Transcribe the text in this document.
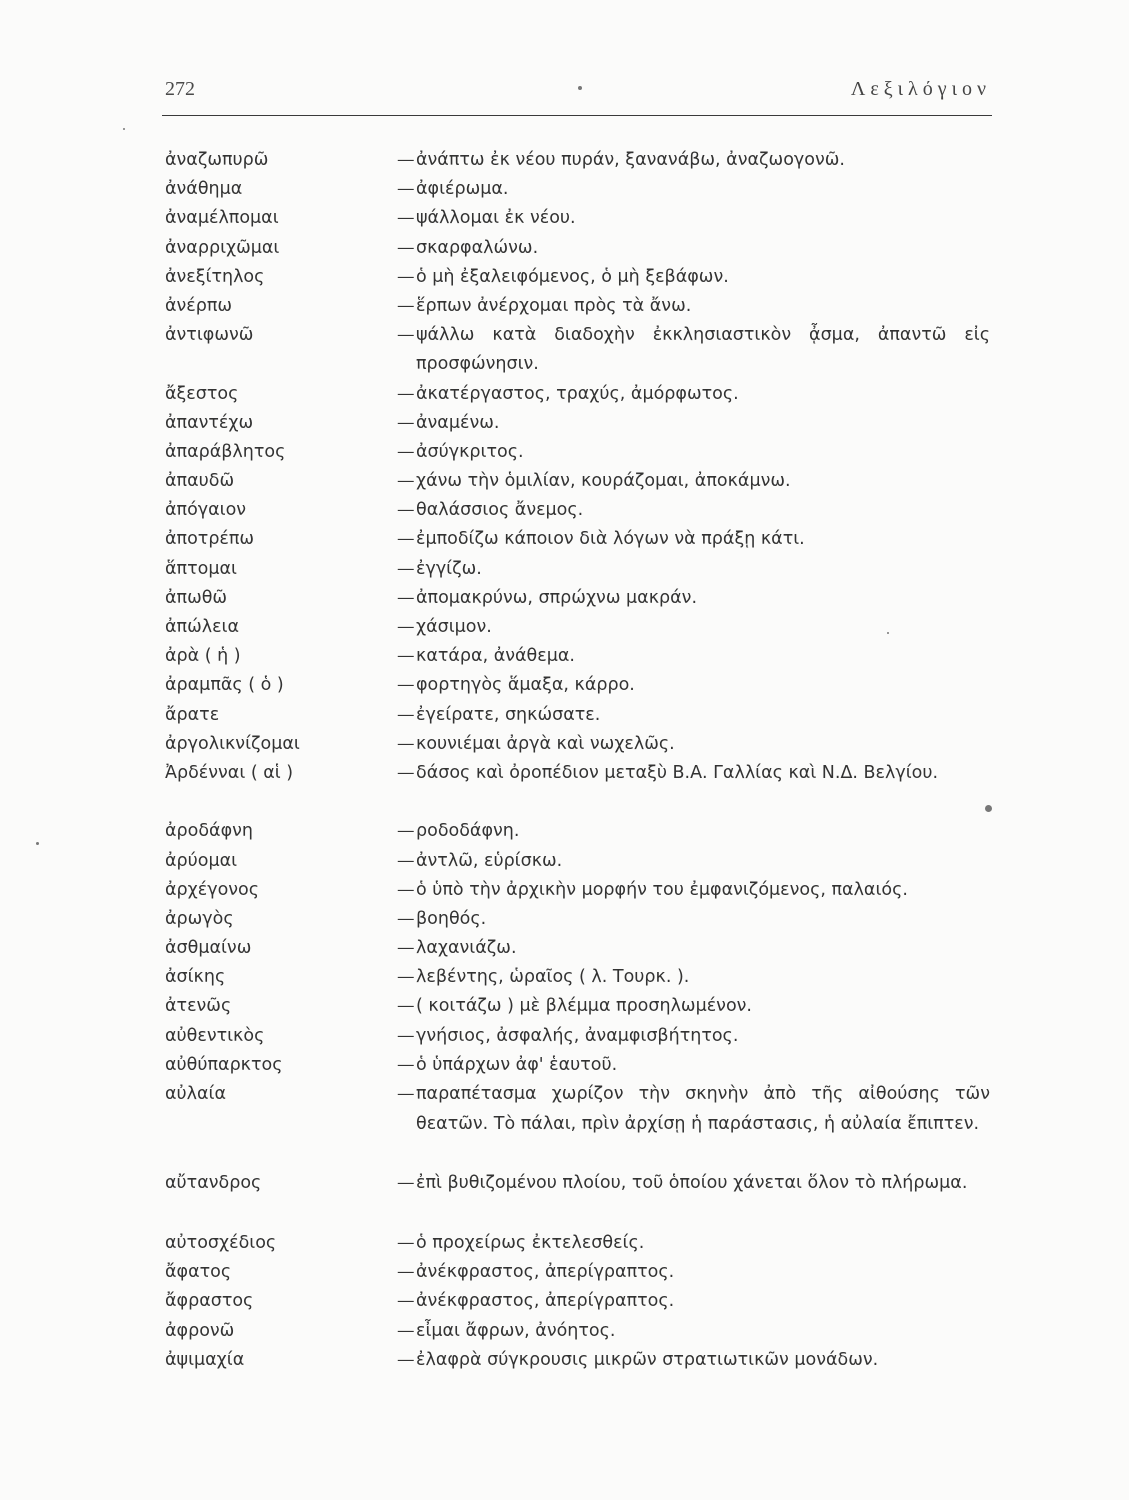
272	Λεξιλόγιον
ἀναζωπυρῶ	— ἀνάπτω ἐκ νέου πυράν, ξανανάβω, ἀναζωογονῶ.
ἀνάθημα	— ἀφιέρωμα.
ἀναμέλπομαι	— ψάλλομαι ἐκ νέου.
ἀναρριχῶμαι	— σκαρφαλώνω.
ἀνεξίτηλος	— ὁ μὴ ἐξαλειφόμενος, ὁ μὴ ξεβάφων.
ἀνέρπω	— ἕρπων ἀνέρχομαι πρὸς τὰ ἄνω.
ἀντιφωνῶ	— ψάλλω κατὰ διαδοχὴν ἐκκλησιαστικὸν ᾆσμα, ἀπαντῶ εἰς προσφώνησιν.
ἄξεστος	— ἀκατέργαστος, τραχύς, ἀμόρφωτος.
ἀπαντέχω	— ἀναμένω.
ἀπαράβλητος	— ἀσύγκριτος.
ἀπαυδῶ	— χάνω τὴν ὁμιλίαν, κουράζομαι, ἀποκάμνω.
ἀπόγαιον	— θαλάσσιος ἄνεμος.
ἀποτρέπω	— ἐμποδίζω κάποιον διὰ λόγων νὰ πράξῃ κάτι.
ἅπτομαι	— ἐγγίζω.
ἀπωθῶ	— ἀπομακρύνω, σπρώχνω μακράν.
ἀπώλεια	— χάσιμον.
ἀρὰ ( ἡ )	— κατάρα, ἀνάθεμα.
ἀραμπᾶς ( ὁ )	— φορτηγὸς ἅμαξα, κάρρο.
ἄρατε	— ἐγείρατε, σηκώσατε.
ἀργολικνίζομαι	— κουνιέμαι ἀργὰ καὶ νωχελῶς.
Ἀρδένναι ( αἱ )	— δάσος καὶ ὀροπέδιον μεταξὺ Β.Α. Γαλλίας καὶ Ν.Δ. Βελγίου.
ἀροδάφνη	— ροδοδάφνη.
ἀρύομαι	— ἀντλῶ, εὑρίσκω.
ἀρχέγονος	— ὁ ὑπὸ τὴν ἀρχικὴν μορφήν του ἐμφανιζόμενος, παλαιός.
ἀρωγὸς	— βοηθός.
ἀσθμαίνω	— λαχανιάζω.
ἀσίκης	— λεβέντης, ὡραῖος ( λ. Τουρκ. ).
ἀτενῶς	— ( κοιτάζω ) μὲ βλέμμα προσηλωμένον.
αὐθεντικὸς	— γνήσιος, ἀσφαλής, ἀναμφισβήτητος.
αὐθύπαρκτος	— ὁ ὑπάρχων ἀφ' ἑαυτοῦ.
αὐλαία	— παραπέτασμα χωρίζον τὴν σκηνὴν ἀπὸ τῆς αἰθούσης τῶν θεατῶν. Τὸ πάλαι, πρὶν ἀρχίσῃ ἡ παράστασις, ἡ αὐλαία ἔπιπτεν.
αὔτανδρος	— ἐπὶ βυθιζομένου πλοίου, τοῦ ὁποίου χάνεται ὅλον τὸ πλήρωμα.
αὐτοσχέδιος	— ὁ προχείρως ἐκτελεσθείς.
ἄφατος	— ἀνέκφραστος, ἀπερίγραπτος.
ἄφραστος	— ἀνέκφραστος, ἀπερίγραπτος.
ἀφρονῶ	— εἶμαι ἄφρων, ἀνόητος.
ἀψιμαχία	— ἐλαφρὰ σύγκρουσις μικρῶν στρατιωτικῶν μονάδων.
